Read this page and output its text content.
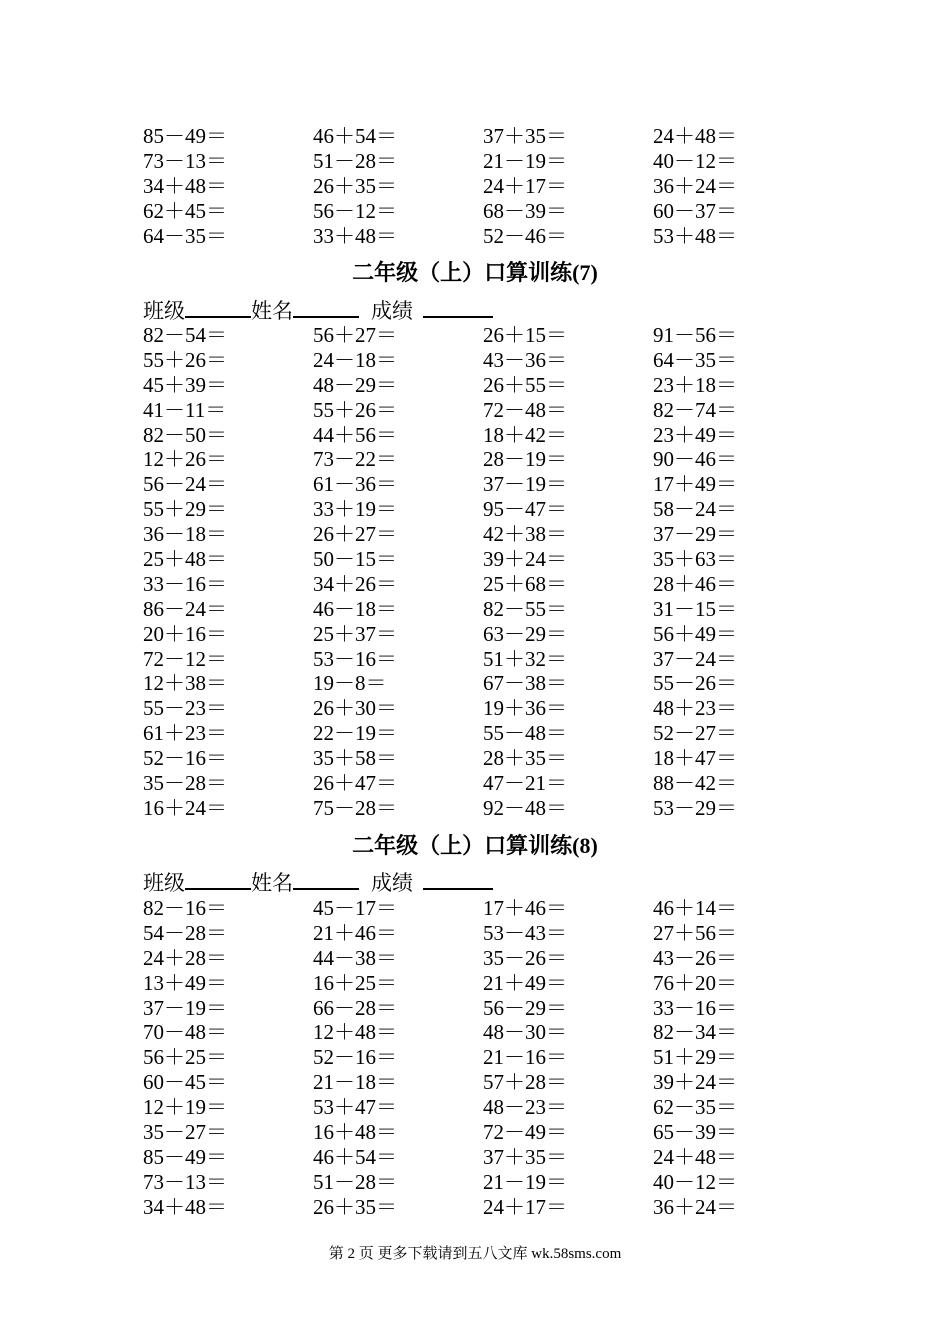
85－49＝	46＋54＝	37＋35＝	24＋48＝
73－13＝	51－28＝	21－19＝	40－12＝
34＋48＝	26＋35＝	24＋17＝	36＋24＝
62＋45＝	56－12＝	68－39＝	60－37＝
64－35＝	33＋48＝	52－46＝	53＋48＝
二年级（上）口算训练(7)
班级	姓名	成绩
82－54＝	56＋27＝	26＋15＝	91－56＝
55＋26＝	24－18＝	43－36＝	64－35＝
45＋39＝	48－29＝	26＋55＝	23＋18＝
41－11＝	55＋26＝	72－48＝	82－74＝
82－50＝	44＋56＝	18＋42＝	23＋49＝
12＋26＝	73－22＝	28－19＝	90－46＝
56－24＝	61－36＝	37－19＝	17＋49＝
55＋29＝	33＋19＝	95－47＝	58－24＝
36－18＝	26＋27＝	42＋38＝	37－29＝
25＋48＝	50－15＝	39＋24＝	35＋63＝
33－16＝	34＋26＝	25＋68＝	28＋46＝
86－24＝	46－18＝	82－55＝	31－15＝
20＋16＝	25＋37＝	63－29＝	56＋49＝
72－12＝	53－16＝	51＋32＝	37－24＝
12＋38＝	19－8＝	67－38＝	55－26＝
55－23＝	26＋30＝	19＋36＝	48＋23＝
61＋23＝	22－19＝	55－48＝	52－27＝
52－16＝	35＋58＝	28＋35＝	18＋47＝
35－28＝	26＋47＝	47－21＝	88－42＝
16＋24＝	75－28＝	92－48＝	53－29＝
二年级（上）口算训练(8)
班级	姓名	成绩
82－16＝	45－17＝	17＋46＝	46＋14＝
54－28＝	21＋46＝	53－43＝	27＋56＝
24＋28＝	44－38＝	35－26＝	43－26＝
13＋49＝	16＋25＝	21＋49＝	76＋20＝
37－19＝	66－28＝	56－29＝	33－16＝
70－48＝	12＋48＝	48－30＝	82－34＝
56＋25＝	52－16＝	21－16＝	51＋29＝
60－45＝	21－18＝	57＋28＝	39＋24＝
12＋19＝	53＋47＝	48－23＝	62－35＝
35－27＝	16＋48＝	72－49＝	65－39＝
85－49＝	46＋54＝	37＋35＝	24＋48＝
73－13＝	51－28＝	21－19＝	40－12＝
34＋48＝	26＋35＝	24＋17＝	36＋24＝
第 2 页 更多下载请到五八文库 wk.58sms.com
